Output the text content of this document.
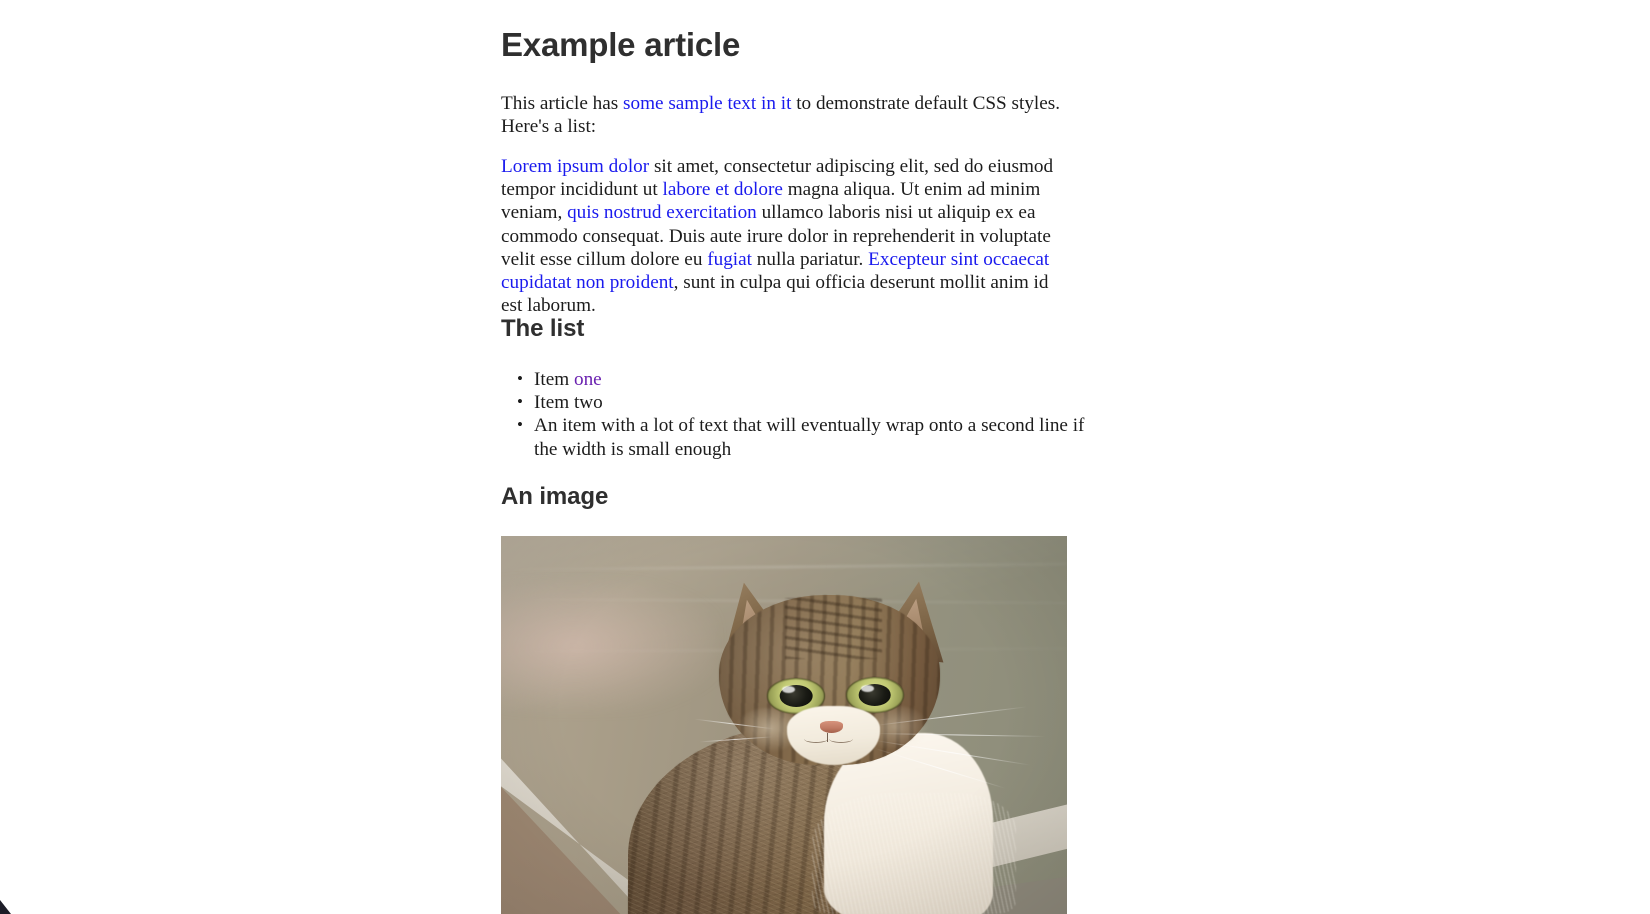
Example article

This article has some sample text in it to demonstrate default CSS styles. Here's a list:

Lorem ipsum dolor sit amet, consectetur adipiscing elit, sed do eiusmod tempor incididunt ut labore et dolore magna aliqua. Ut enim ad minim veniam, quis nostrud exercitation ullamco laboris nisi ut aliquip ex ea commodo consequat. Duis aute irure dolor in reprehenderit in voluptate velit esse cillum dolore eu fugiat nulla pariatur. Excepteur sint occaecat cupidatat non proident, sunt in culpa qui officia deserunt mollit anim id est laborum.

The list
• Item one
• Item two
• An item with a lot of text that will eventually wrap onto a second line if the width is small enough
An image
